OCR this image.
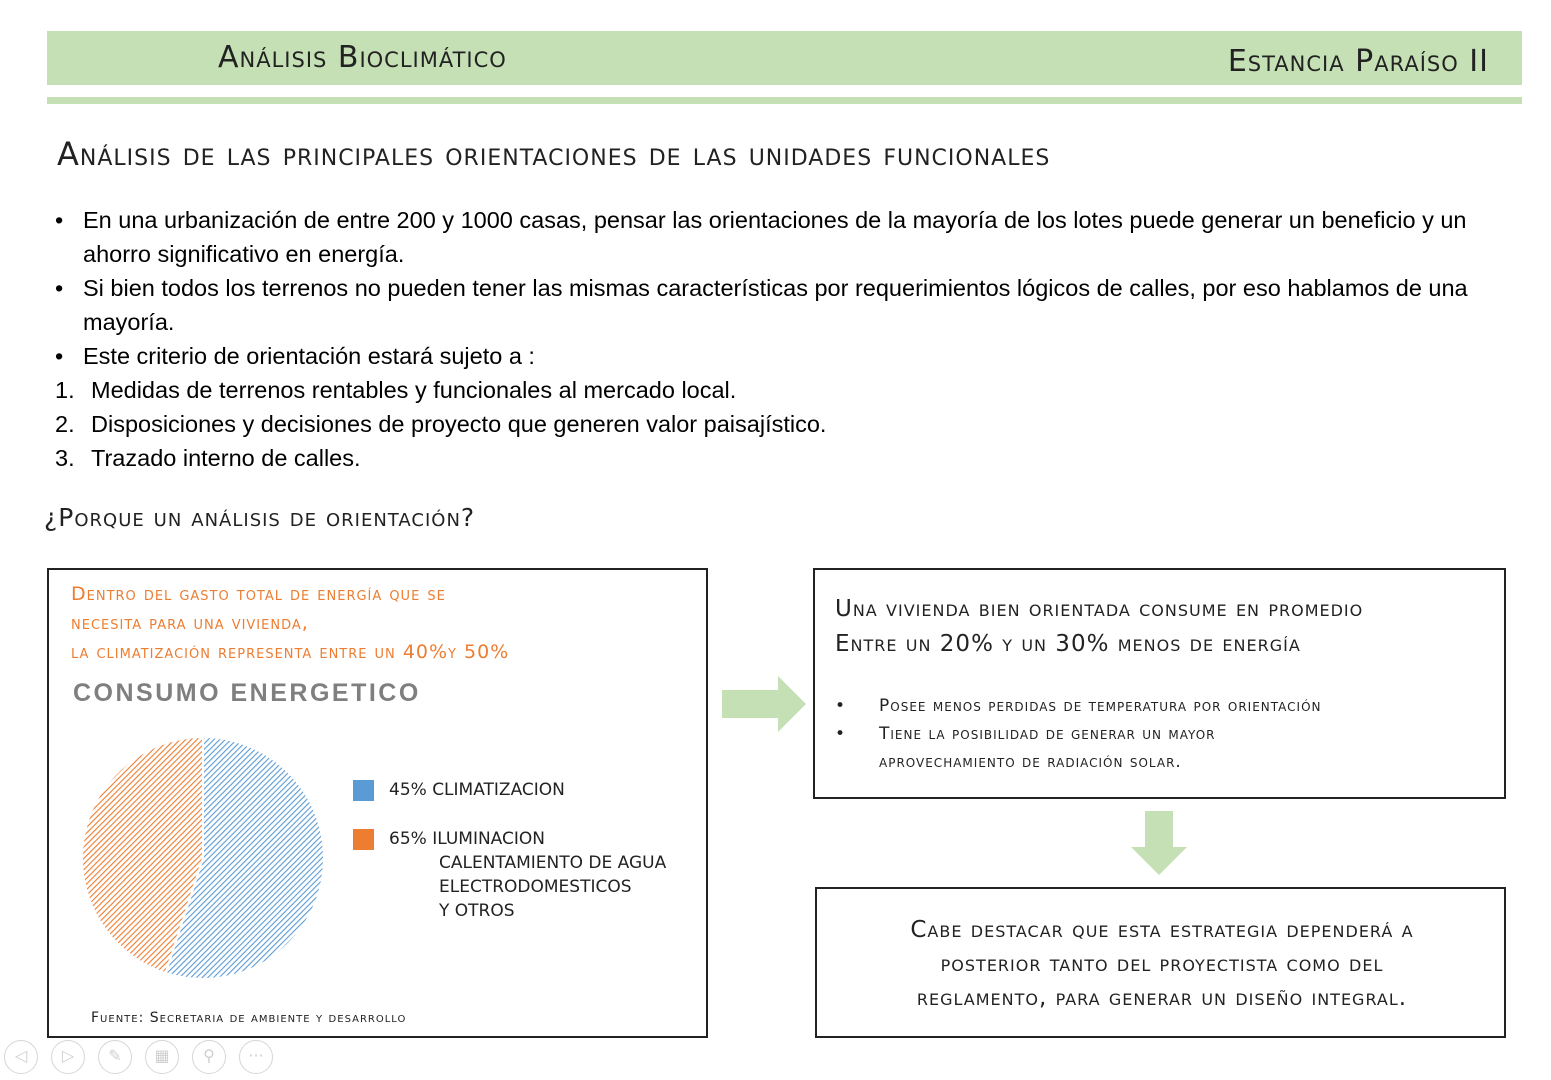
Análisis Bioclimático	Estancia Paraíso II
Análisis de las principales orientaciones de las unidades funcionales
• En una urbanización de entre 200 y 1000 casas, pensar las orientaciones de la mayoría de los lotes puede generar un beneficio y un ahorro significativo en energía.
• Si bien todos los terrenos no pueden tener las mismas características por requerimientos lógicos de calles, por eso hablamos de una mayoría.
• Este criterio de orientación estará sujeto a :
1. Medidas de terrenos rentables y funcionales al mercado local.
2. Disposiciones y decisiones de proyecto que generen valor paisajístico.
3. Trazado interno de calles.
¿Porque un análisis de orientación?
Dentro del gasto total de energía que se
necesita para una vivienda,
la climatización representa entre un 40%y 50%
CONSUMO ENERGETICO
45% CLIMATIZACION
65% ILUMINACION
CALENTAMIENTO DE AGUA
ELECTRODOMESTICOS
Y OTROS
Fuente: Secretaria de ambiente y desarrollo
Una vivienda bien orientada consume en promedio
Entre un 20% y un 30% menos de energía
• Posee menos perdidas de temperatura por orientación
• Tiene la posibilidad de generar un mayor
aprovechamiento de radiación solar.
Cabe destacar que esta estrategia dependerá a
posterior tanto del proyectista como del
reglamento, para generar un diseño integral.
◁	▷	✎	▦	⚲	···
